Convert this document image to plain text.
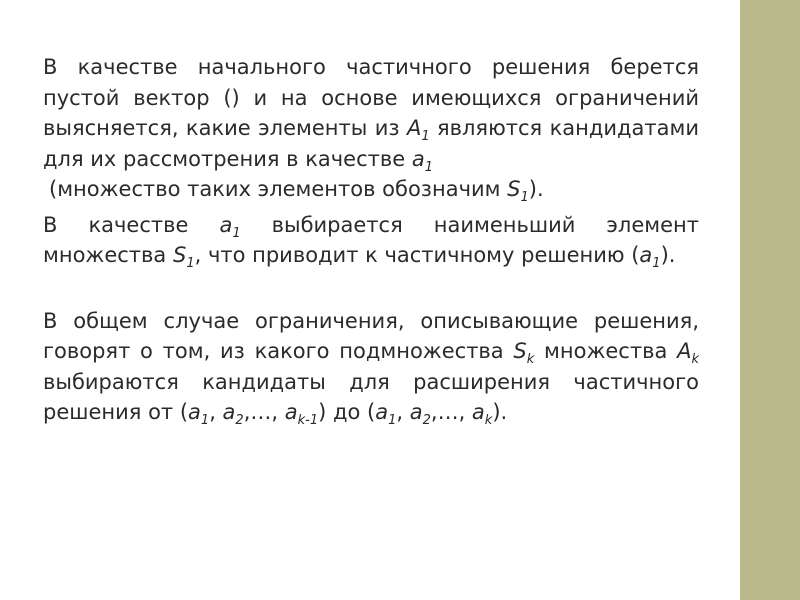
В качестве начального частичного решения берется пустой вектор () и на основе имеющихся ограничений выясняется, какие элементы из $A_1$ являются кандидатами для их рассмотрения в качестве $a_1$

(множество таких элементов обозначим $S_1$).

В качестве $a_1$ выбирается наименьший элемент множества $S_1$, что приводит к частичному решению $(a_1)$.

В общем случае ограничения, описывающие решения, говорят о том, из какого подмножества $S_k$ множества $A_k$ выбираются кандидаты для расширения частичного решения от ($a_1$, $a_2,\dots$, $a_{k-1}$) до ($a_1$, $a_2,\dots$, $a_k$).
